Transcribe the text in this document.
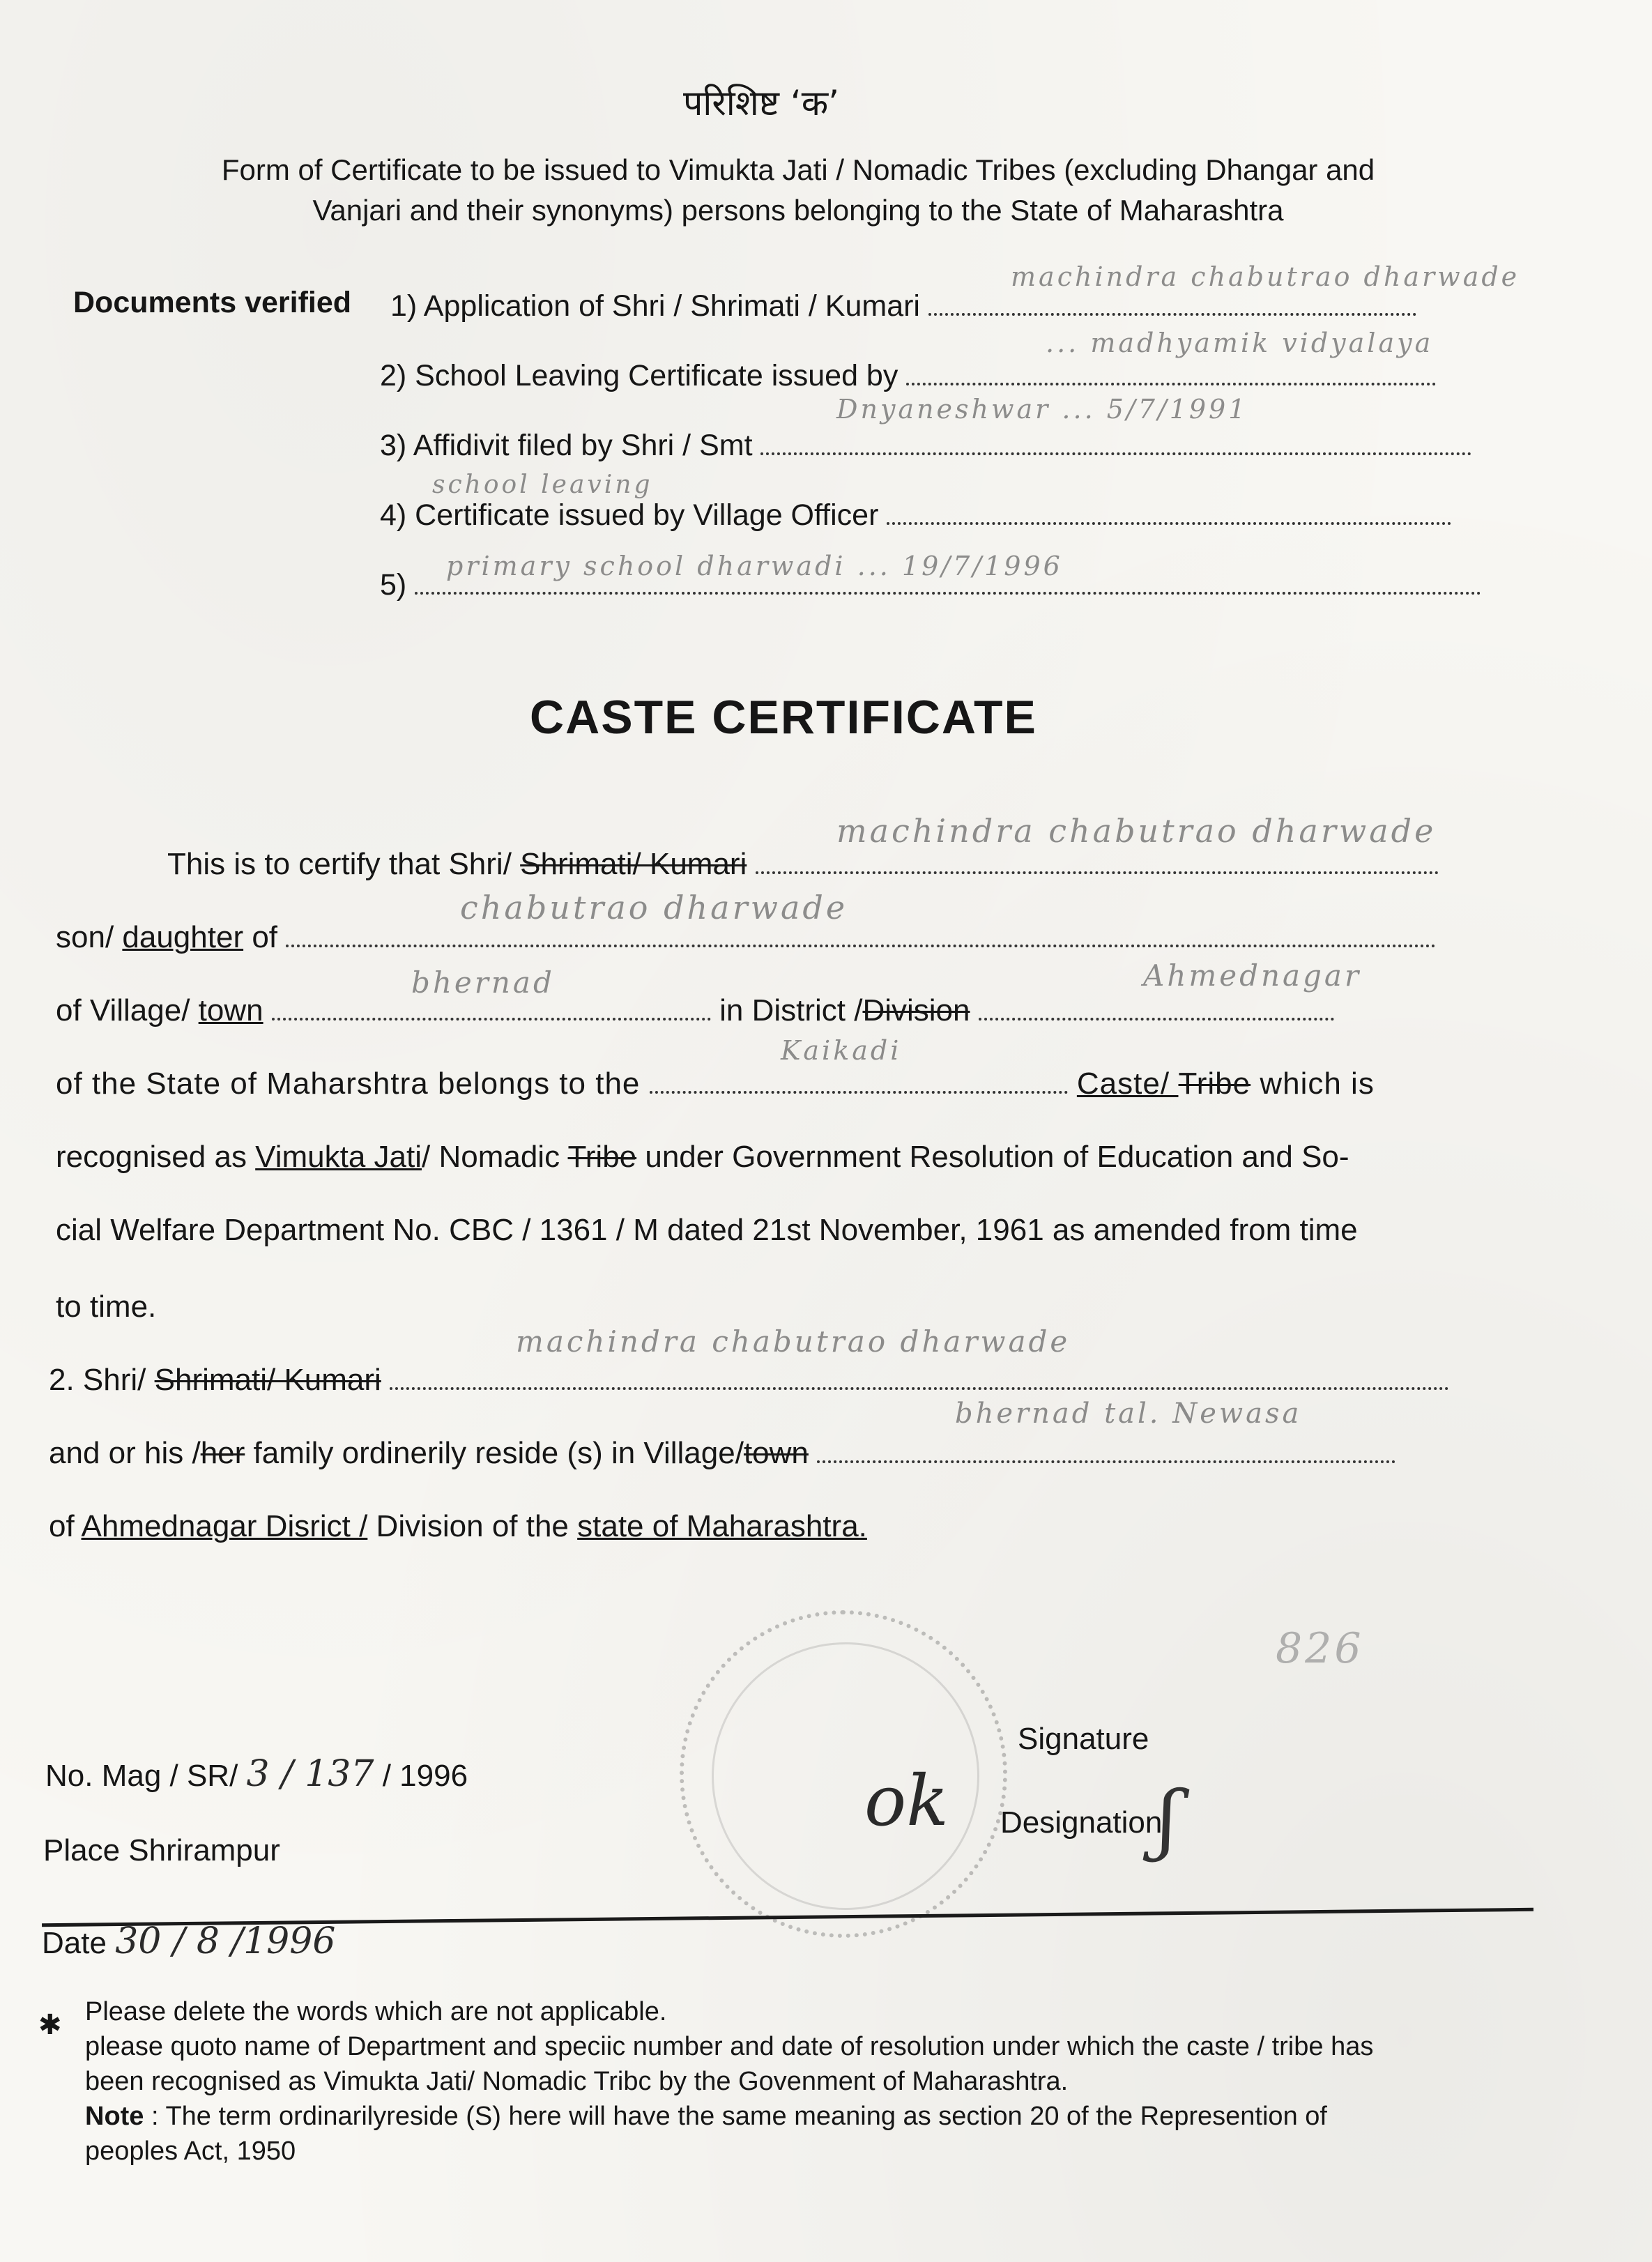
परिशिष्ट ‘क’
Form of Certificate to be issued to Vimukta Jati / Nomadic Tribes (excluding Dhangar and
Vanjari and their synonyms) persons belonging to the State of Maharashtra
Documents verified 1) Application of Shri / Shrimati / Kumari
machindra chabutrao dharwade
2) School Leaving Certificate issued by
... madhyamik vidyalaya
3) Affidivit filed by Shri / Smt
Dnyaneshwar ... 5/7/1991
4) Certificate issued by Village Officer
school leaving
5)
primary school dharwadi ... 19/7/1996
CASTE CERTIFICATE
This is to certify that Shri/ Shrimati/ Kumari
machindra chabutrao dharwade
son/ daughter of
chabutrao dharwade
of Village/ town	in District /Division
bhernad	Ahmednagar
of the State of Maharshtra belongs to the	Caste/ Tribe which is
Kaikadi
recognised as Vimukta Jati/ Nomadic Tribe under Government Resolution of Education and So-
cial Welfare Department No. CBC / 1361 / M dated 21st November, 1961 as amended from time
to time.
2. Shri/ Shrimati/ Kumari
machindra chabutrao dharwade
and or his /her family ordinerily reside (s) in Village/town
bhernad tal. Newasa
of Ahmednagar Disrict / Division of the state of Maharashtra.
ok	ʃ
826
No. Mag / SR/ 3 / 137 / 1996
Signature
Designation
Place Shrirampur
Date 30 / 8 /1996
✱ Please delete the words which are not applicable.
please quoto name of Department and speciic number and date of resolution under which the caste / tribe has
been recognised as Vimukta Jati/ Nomadic Tribc by the Govenment of Maharashtra.
Note : The term ordinarilyreside (S) here will have the same meaning as section 20 of the Represention of
peoples Act, 1950
